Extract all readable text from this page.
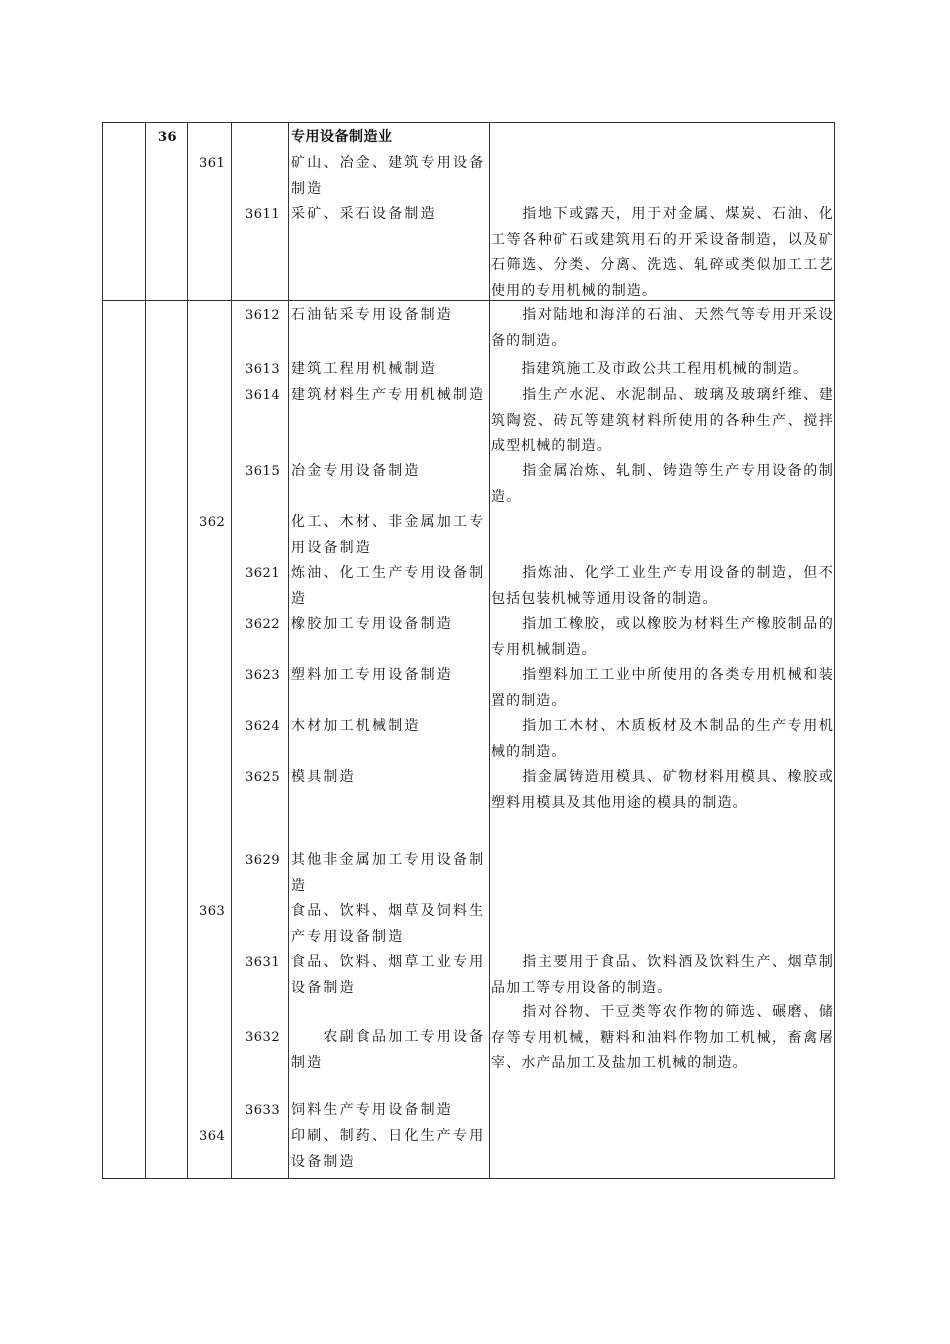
36	专用设备制造业
361	矿山、冶金、建筑专用设备制造
3611 采矿、采石设备制造	　　指地下或露天，用于对金属、煤炭、石油、化工等各种矿石或建筑用石的开采设备制造，以及矿石筛选、分类、分离、洗选、轧碎或类似加工工艺使用的专用机械的制造。
3612 石油钻采专用设备制造	　　指对陆地和海洋的石油、天然气等专用开采设备的制造。
3613 建筑工程用机械制造	　　指建筑施工及市政公共工程用机械的制造。
3614 建筑材料生产专用机械制造 　　指生产水泥、水泥制品、玻璃及玻璃纤维、建筑陶瓷、砖瓦等建筑材料所使用的各种生产、搅拌成型机械的制造。
3615 冶金专用设备制造	　　指金属冶炼、轧制、铸造等生产专用设备的制造。
362	化工、木材、非金属加工专用设备制造
3621 炼油、化工生产专用设备制造
　　指炼油、化学工业生产专用设备的制造，但不包括包装机械等通用设备的制造。
3622 橡胶加工专用设备制造	　　指加工橡胶，或以橡胶为材料生产橡胶制品的专用机械制造。
3623 塑料加工专用设备制造	　　指塑料加工工业中所使用的各类专用机械和装置的制造。
3624 木材加工机械制造	　　指加工木材、木质板材及木制品的生产专用机械的制造。
3625 模具制造	　　指金属铸造用模具、矿物材料用模具、橡胶或塑料用模具及其他用途的模具的制造。
3629 其他非金属加工专用设备制造
363	食品、饮料、烟草及饲料生产专用设备制造
3631 食品、饮料、烟草工业专用设备制造
　　指主要用于食品、饮料酒及饮料生产、烟草制品加工等专用设备的制造。
3632 　　农副食品加工专用设备制造
　　指对谷物、干豆类等农作物的筛选、碾磨、储存等专用机械，糖料和油料作物加工机械，畜禽屠宰、水产品加工及盐加工机械的制造。
3633 饲料生产专用设备制造
364	印刷、制药、日化生产专用设备制造
